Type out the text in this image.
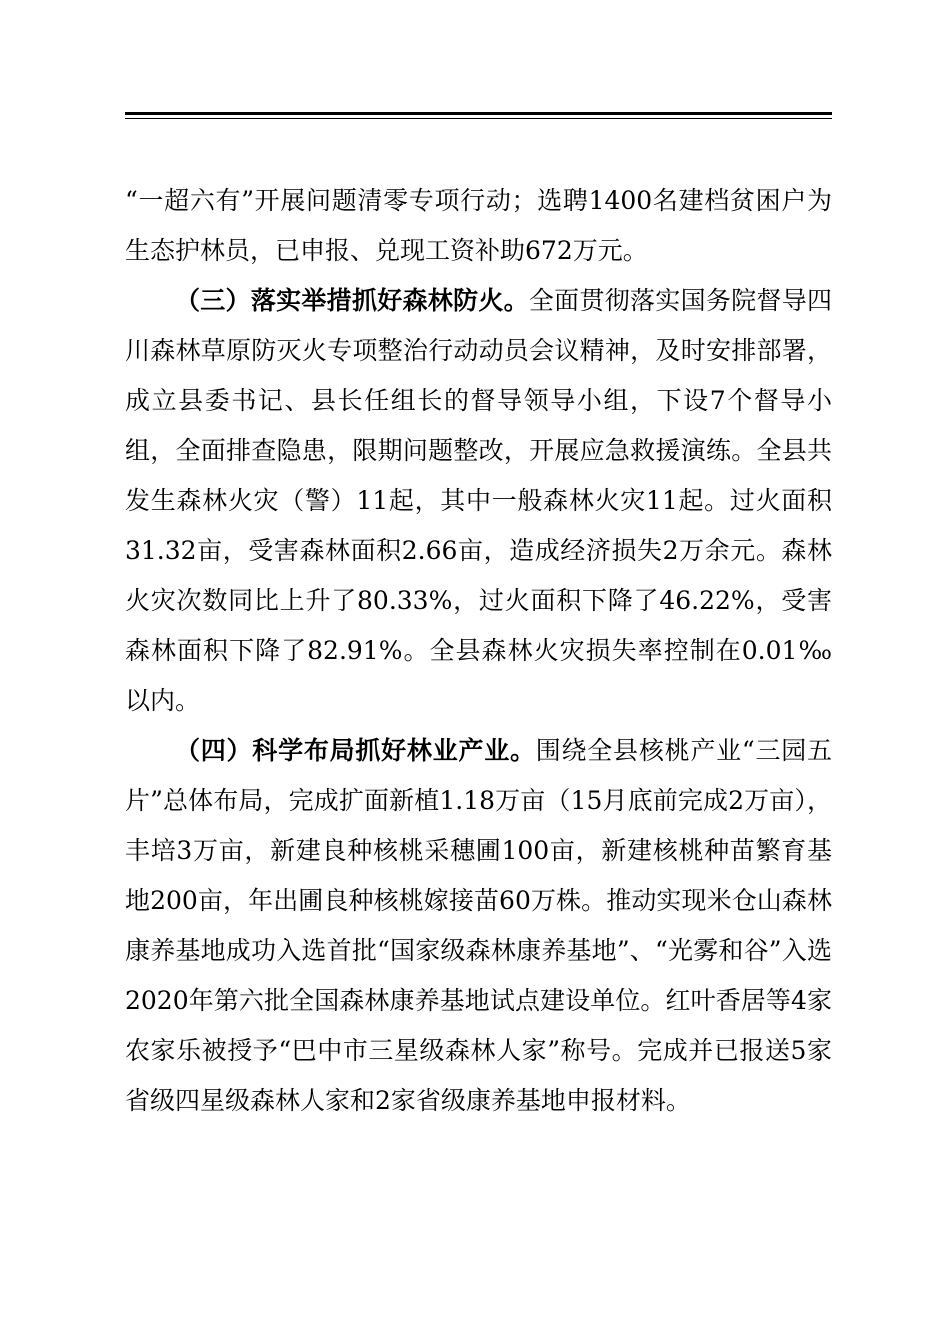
“一超六有”开展问题清零专项行动；选聘1400名建档贫困户为生态护林员，已申报、兑现工资补助672万元。

（三）落实举措抓好森林防火。全面贯彻落实国务院督导四川森林草原防灭火专项整治行动动员会议精神，及时安排部署，成立县委书记、县长任组长的督导领导小组，下设7个督导小组，全面排查隐患，限期问题整改，开展应急救援演练。全县共发生森林火灾（警）11起，其中一般森林火灾11起。过火面积31.32亩，受害森林面积2.66亩，造成经济损失2万余元。森林火灾次数同比上升了80.33%，过火面积下降了46.22%，受害森林面积下降了82.91%。全县森林火灾损失率控制在0.01‰以内。

（四）科学布局抓好林业产业。围绕全县核桃产业“三园五片”总体布局，完成扩面新植1.18万亩（15月底前完成2万亩），丰培3万亩，新建良种核桃采穗圃100亩，新建核桃种苗繁育基地200亩，年出圃良种核桃嫁接苗60万株。推动实现米仓山森林康养基地成功入选首批“国家级森林康养基地”、“光雾和谷”入选2020年第六批全国森林康养基地试点建设单位。红叶香居等4家农家乐被授予“巴中市三星级森林人家”称号。完成并已报送5家省级四星级森林人家和2家省级康养基地申报材料。
